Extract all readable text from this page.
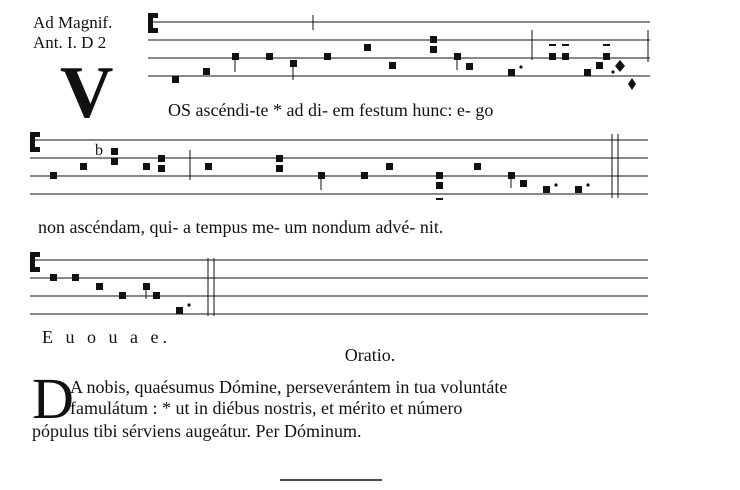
Ad Magnif.
Ant. I. D 2
V
b
OS ascéndi-te * ad di- em festum hunc: e- go
non ascéndam, qui- a tempus me- um nondum advé- nit.
E u o u a e.
Oratio.
D
A nobis, quaésumus Dómine, perseverántem in tua voluntáte
famulátum : * ut in diébus nostris, et mérito et número
pópulus tibi sérviens augeátur. Per Dóminum.
